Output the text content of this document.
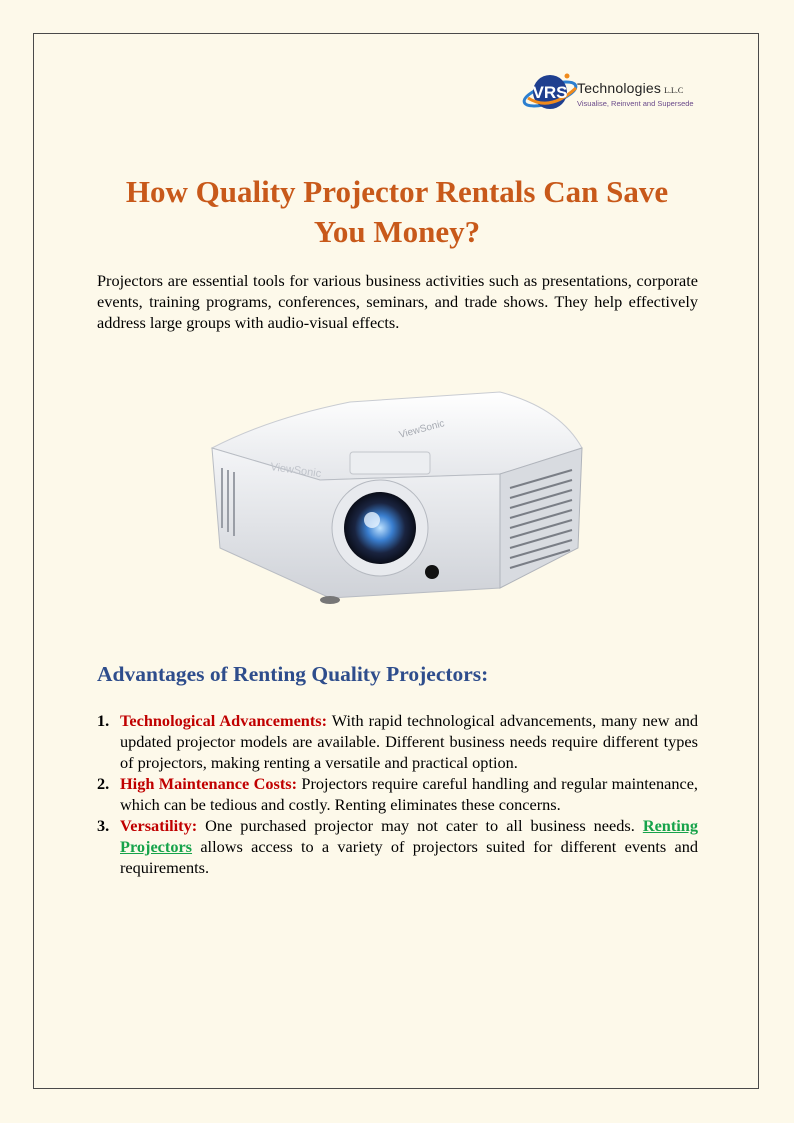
VRS Technologies L.L.C
Visualise, Reinvent and Supersede
How Quality Projector Rentals Can Save You Money?

Projectors are essential tools for various business activities such as presentations, corporate events, training programs, conferences, seminars, and trade shows. They help effectively address large groups with audio-visual effects.

ViewSonic
ViewSonic
Advantages of Renting Quality Projectors:
1. Technological Advancements: With rapid technological advancements, many new and updated projector models are available. Different business needs require different types of projectors, making renting a versatile and practical option.
2. High Maintenance Costs: Projectors require careful handling and regular maintenance, which can be tedious and costly. Renting eliminates these concerns.
3. Versatility: One purchased projector may not cater to all business needs. Renting Projectors allows access to a variety of projectors suited for different events and requirements.
